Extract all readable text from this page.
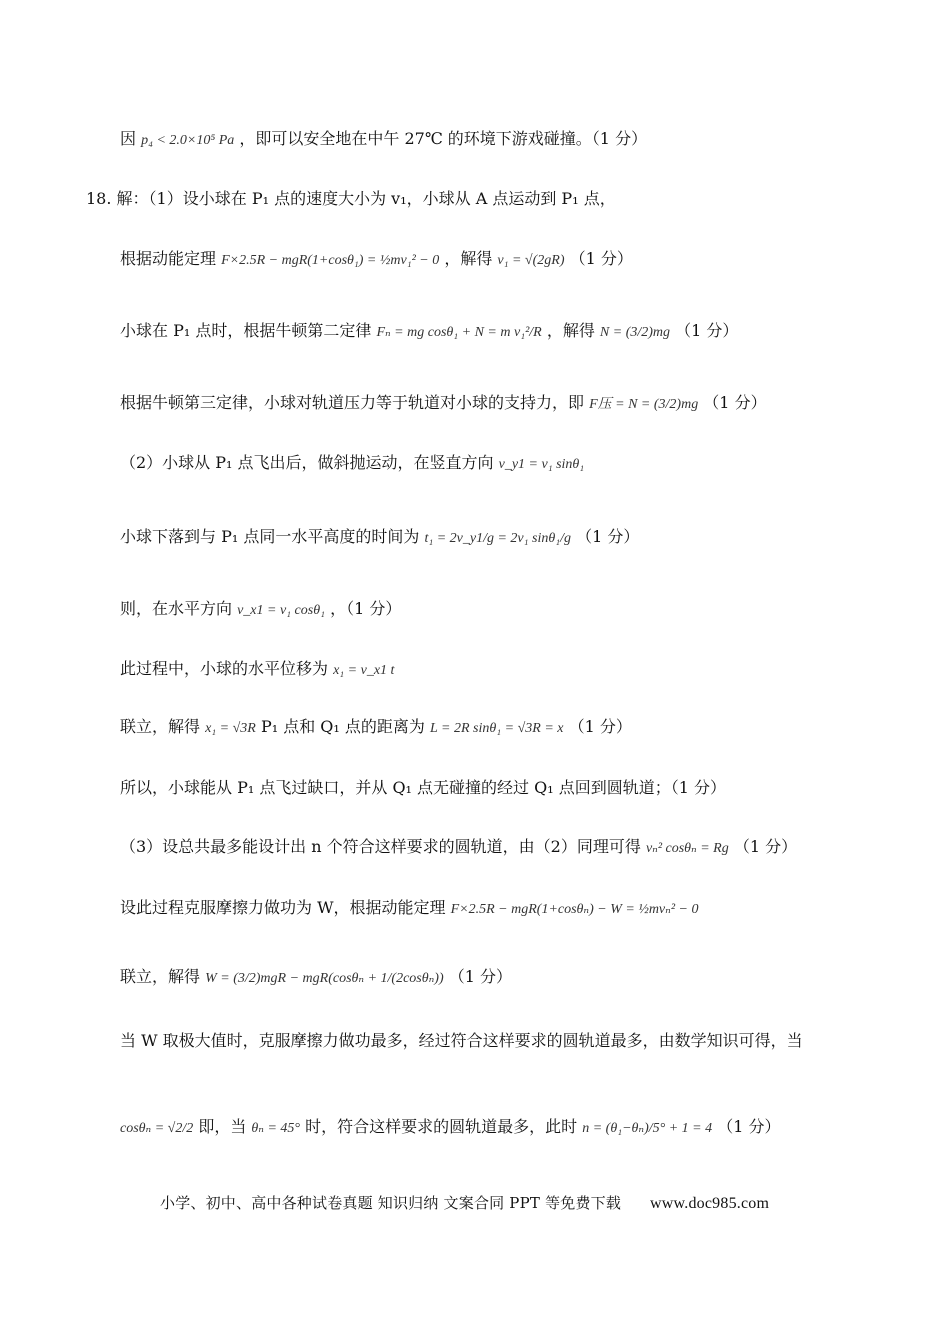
因 p₄ < 2.0×10⁵ Pa ，即可以安全地在中午 27℃ 的环境下游戏碰撞。（1 分）
18. 解：（1）设小球在 P₁ 点的速度大小为 v₁，小球从 A 点运动到 P₁ 点，
根据动能定理 F×2.5R − mgR(1+cosθ₁) = ½mv₁² − 0 ，解得 v₁ = √(2gR) （1 分）
小球在 P₁ 点时，根据牛顿第二定律 Fₙ = mg cosθ₁ + N = m v₁²/R ，解得 N = (3/2)mg （1 分）
根据牛顿第三定律，小球对轨道压力等于轨道对小球的支持力，即 F压 = N = (3/2)mg （1 分）
（2）小球从 P₁ 点飞出后，做斜抛运动，在竖直方向 v_y1 = v₁ sinθ₁
小球下落到与 P₁ 点同一水平高度的时间为 t₁ = 2v_y1/g = 2v₁ sinθ₁/g （1 分）
则，在水平方向 v_x1 = v₁ cosθ₁ ，（1 分）
此过程中，小球的水平位移为 x₁ = v_x1 t
联立，解得 x₁ = √3R P₁ 点和 Q₁ 点的距离为 L = 2R sinθ₁ = √3R = x （1 分）
所以，小球能从 P₁ 点飞过缺口，并从 Q₁ 点无碰撞的经过 Q₁ 点回到圆轨道；（1 分）
（3）设总共最多能设计出 n 个符合这样要求的圆轨道，由（2）同理可得 vₙ² cosθₙ = Rg （1 分）
设此过程克服摩擦力做功为 W，根据动能定理 F×2.5R − mgR(1+cosθₙ) − W = ½mvₙ² − 0
联立，解得 W = (3/2)mgR − mgR(cosθₙ + 1/(2cosθₙ)) （1 分）
当 W 取极大值时，克服摩擦力做功最多，经过符合这样要求的圆轨道最多，由数学知识可得，当
cosθₙ = √2/2 即，当 θₙ = 45° 时，符合这样要求的圆轨道最多，此时 n = (θ₁−θₙ)/5° + 1 = 4 （1 分）
小学、初中、高中各种试卷真题 知识归纳 文案合同 PPT 等免费下载 www.doc985.com
